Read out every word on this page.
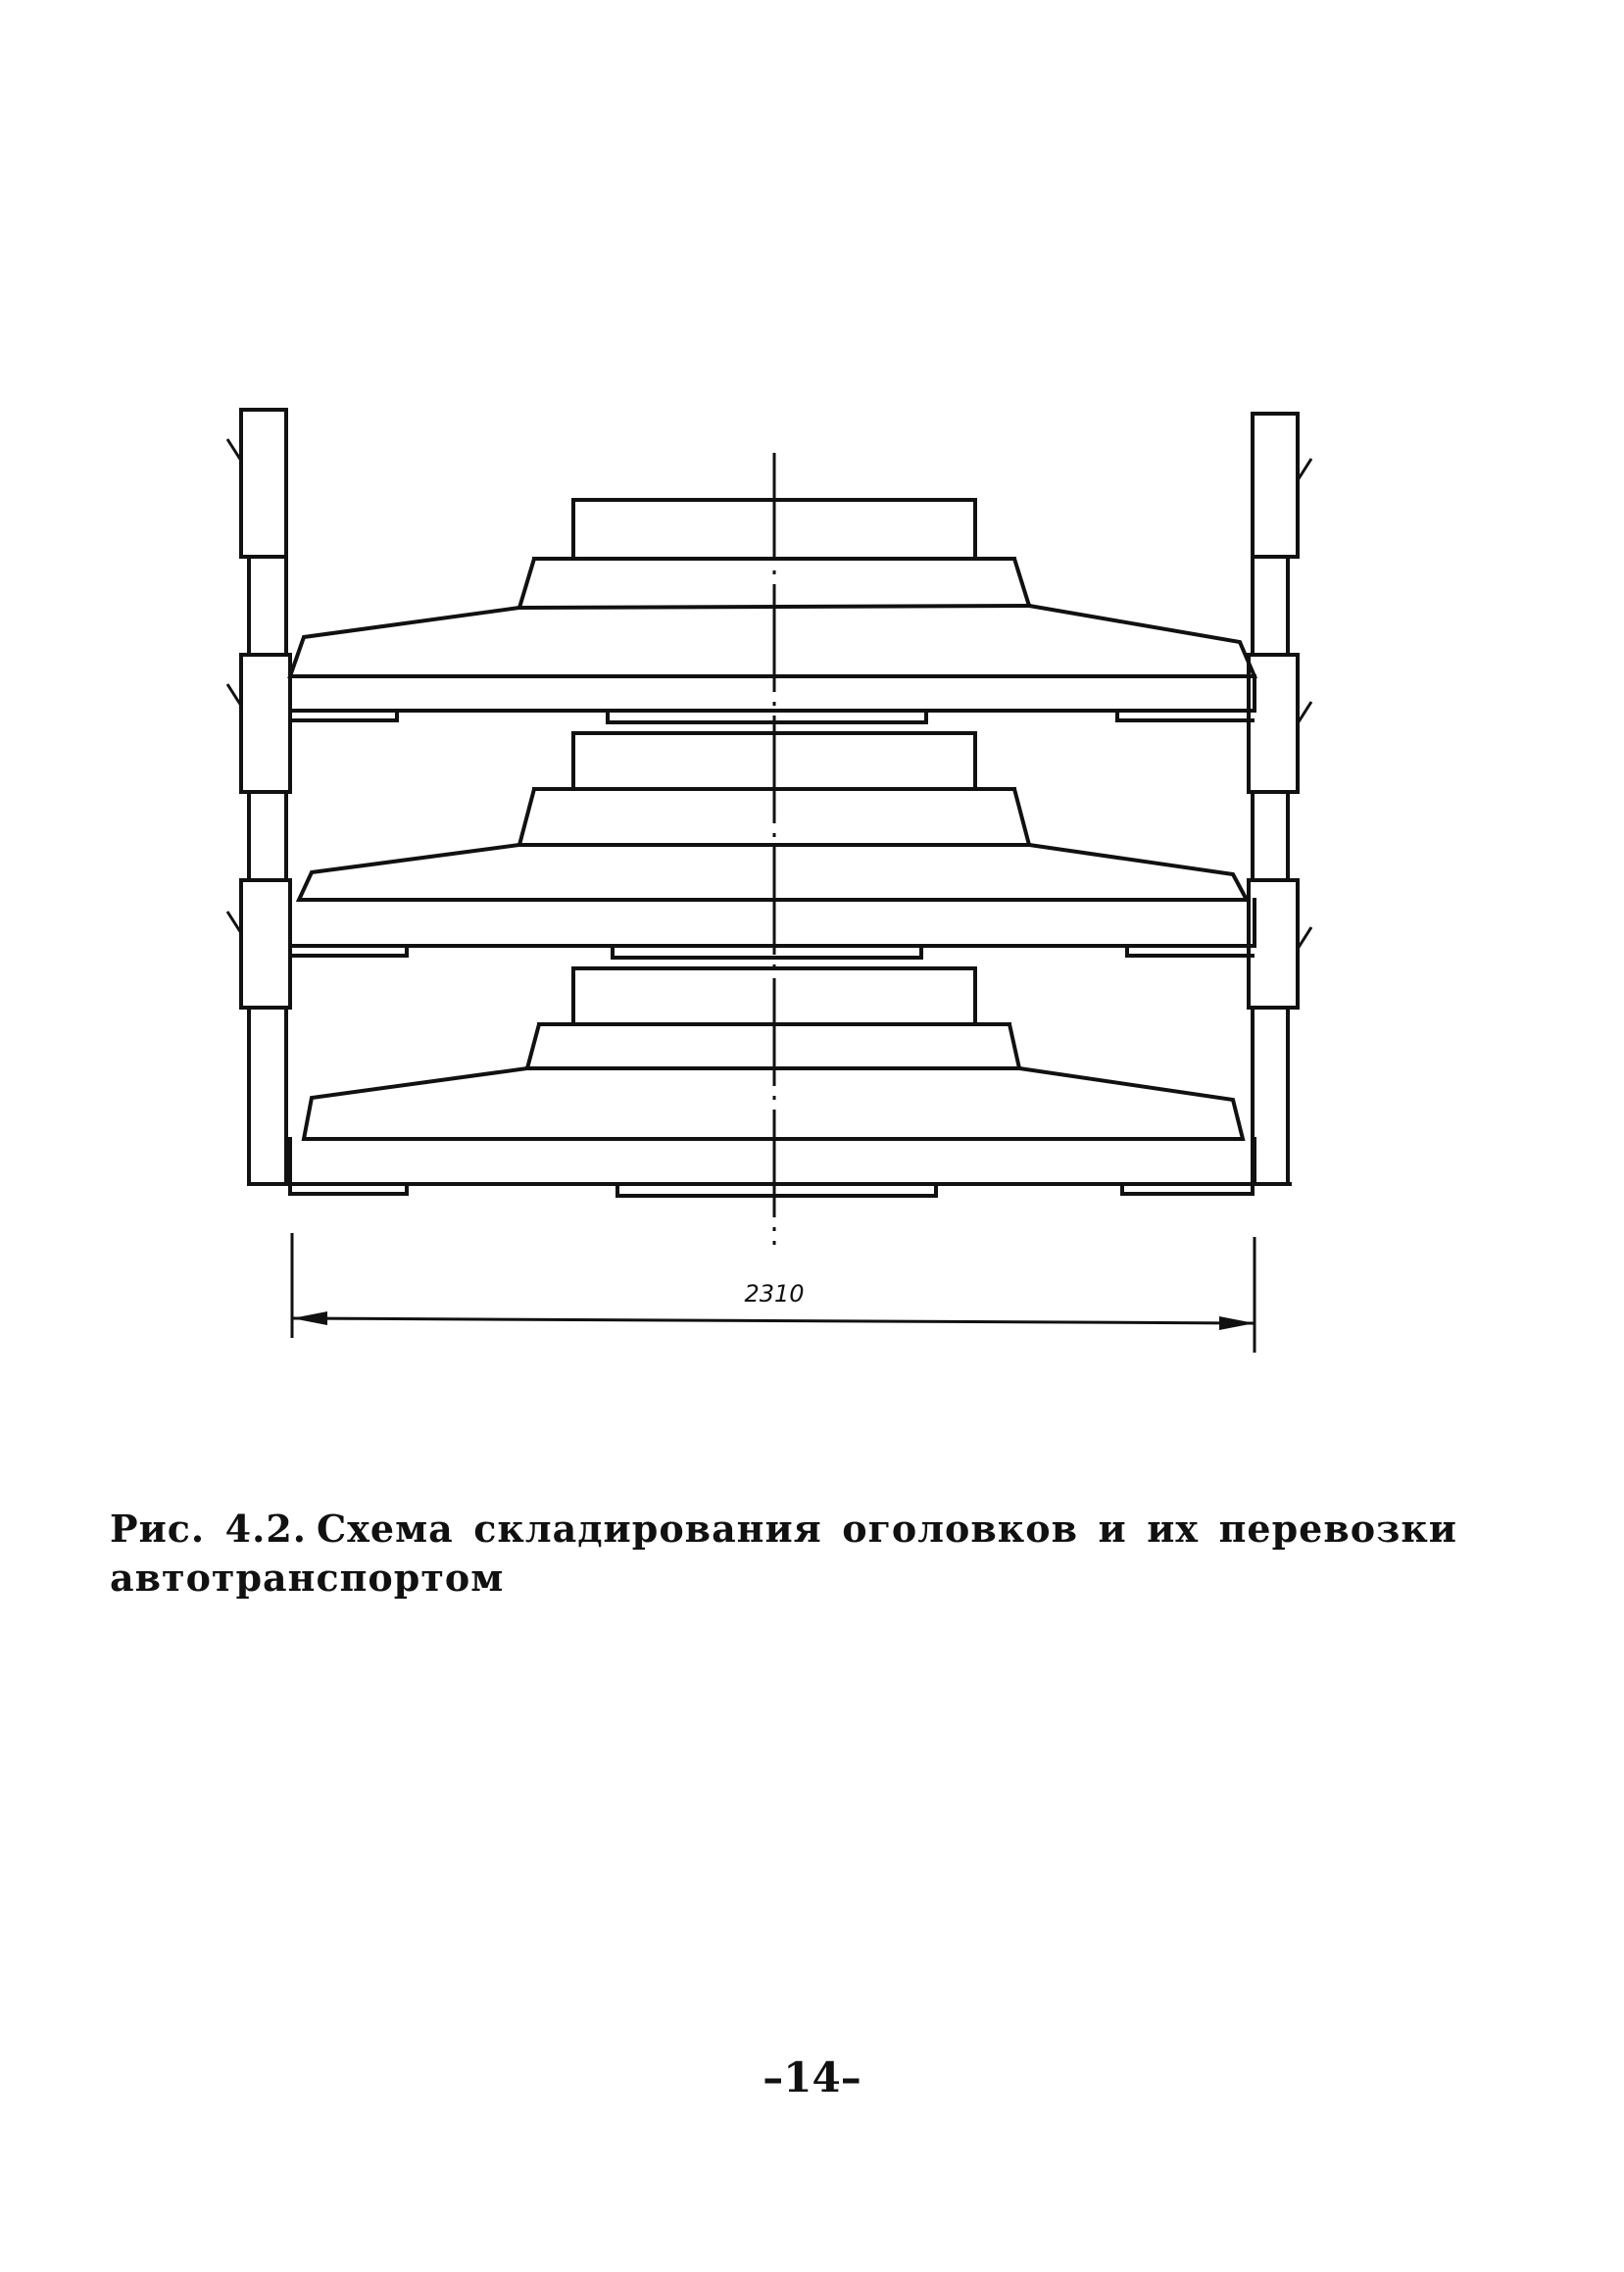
2310

Рис. 4.2. Схема складирования оголовков и их перевозки автотранспортом

–14–
